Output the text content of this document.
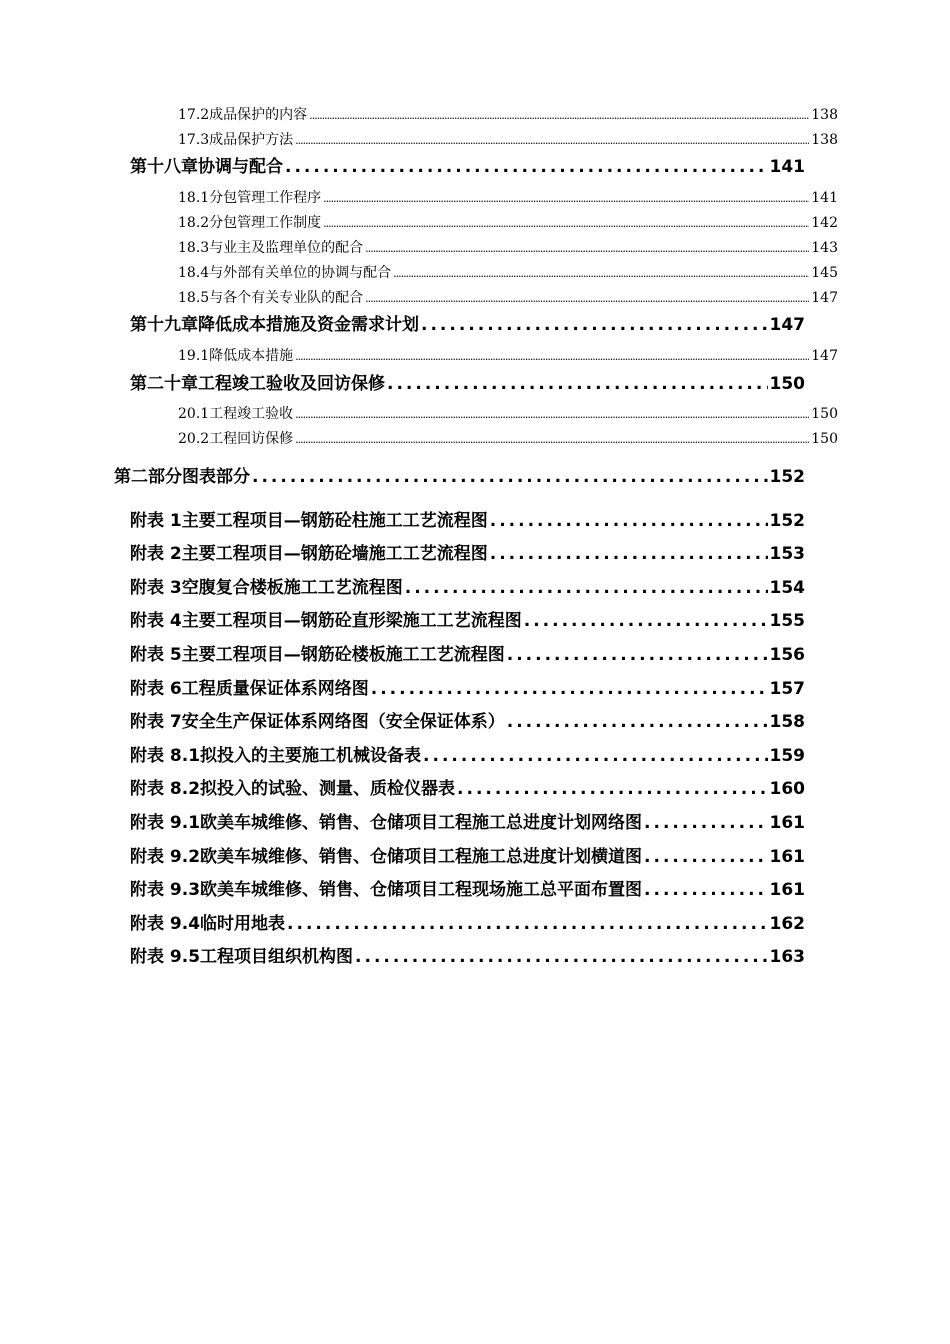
17.2 成品保护的内容 .....	138
17.3 成品保护方法 .....	138
第十八章 协调与配合 .....	141
18.1 分包管理工作程序 .....	141
18.2 分包管理工作制度 .....	142
18.3 与业主及监理单位的配合 .....	143
18.4 与外部有关单位的协调与配合 .....	145
18.5 与各个有关专业队的配合 .....	147
第十九章 降低成本措施及资金需求计划 .....	147
19.1 降低成本措施 .....	147
第二十章 工程竣工验收及回访保修 .....	150
20.1 工程竣工验收 .....	150
20.2 工程回访保修 .....	150
第二部分 图表部分 .....	152
附表 1 主要工程项目—钢筋砼柱施工工艺流程图 .....	152
附表 2 主要工程项目—钢筋砼墙施工工艺流程图 .....	153
附表 3 空腹复合楼板施工工艺流程图 .....	154
附表 4 主要工程项目—钢筋砼直形梁施工工艺流程图 .....	155
附表 5 主要工程项目—钢筋砼楼板施工工艺流程图 .....	156
附表 6 工程质量保证体系网络图 .....	157
附表 7 安全生产保证体系网络图（安全保证体系） .....	158
附表 8.1 拟投入的主要施工机械设备表 .....	159
附表 8.2 拟投入的试验、测量、质检仪器表 .....	160
附表 9.1 欧美车城维修、销售、仓储项目工程施工总进度计划网络图 .....	161
附表 9.2 欧美车城维修、销售、仓储项目工程施工总进度计划横道图 .....	161
附表 9.3 欧美车城维修、销售、仓储项目工程现场施工总平面布置图 .....	161
附表 9.4 临时用地表 .....	162
附表 9.5 工程项目组织机构图 .....	163
